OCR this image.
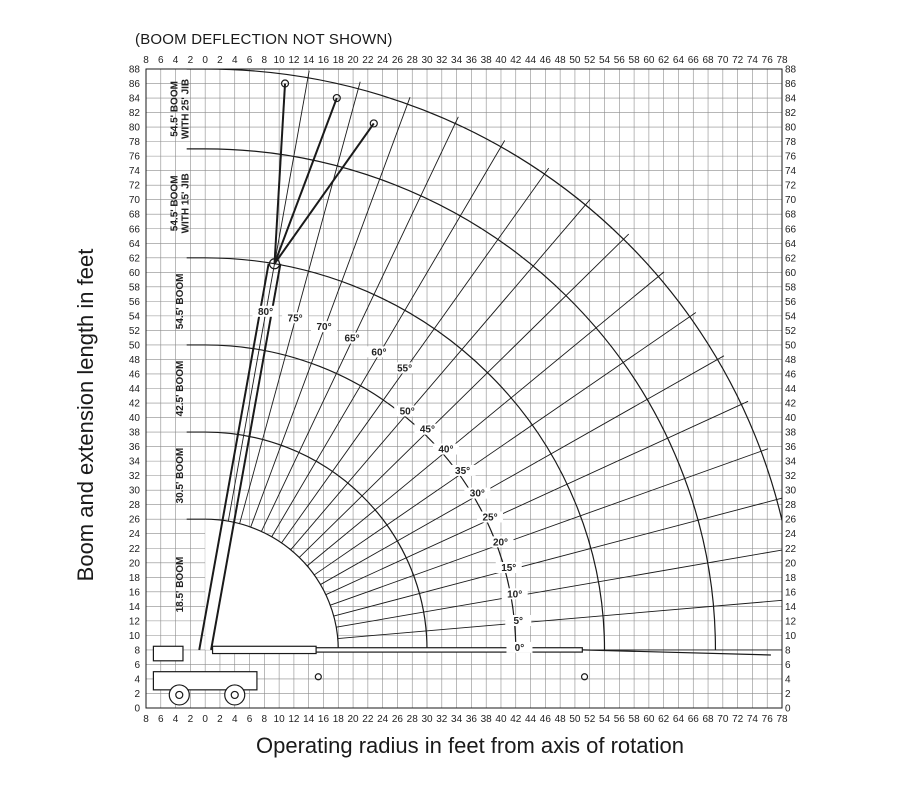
(BOOM DEFLECTION NOT SHOWN)
8
8
6
6
4
4
2
2
0
0
2
2
4
4
6
6
8
8
10
10
12
12
14
14
16
16
18
18
20
20
22
22
24
24
26
26
28
28
30
30
32
32
34
34
36
36
38
38
40
40
42
42
44
44
46
46
48
48
50
50
52
52
54
54
56
56
58
58
60
60
62
62
64
64
66
66
68
68
70
70
72
72
74
74
76
76
78
78
0	0
2	2
4	4
6	6
8	8
10	10
12	12
14	14
16	16
18	18
20	20
22	22
24	24
26	26
28	28
30	30
32	32
34	34
36	36
38	38
40	40
42	42
44	44
46	46
48	48
50	50
52	52
54	54
56	56
58	58
60	60
62	62
64	64
66	66
68	68
70	70
72	72
74	74
76	76
78	78
80	80
82	82
84	84
86	86
88	88
0°
5°
10°
15°
20°
25°
30°
35°
40°
45°
50°
55°
60°
65°
70°
75°
80°
18.5' BOOM
30.5' BOOM
42.5' BOOM
54.5' BOOM
54.5' BOOM WITH 15' JIB
54.5' BOOM WITH 25' JIB
Operating radius in feet from axis of rotation
Boom and extension length in feet
